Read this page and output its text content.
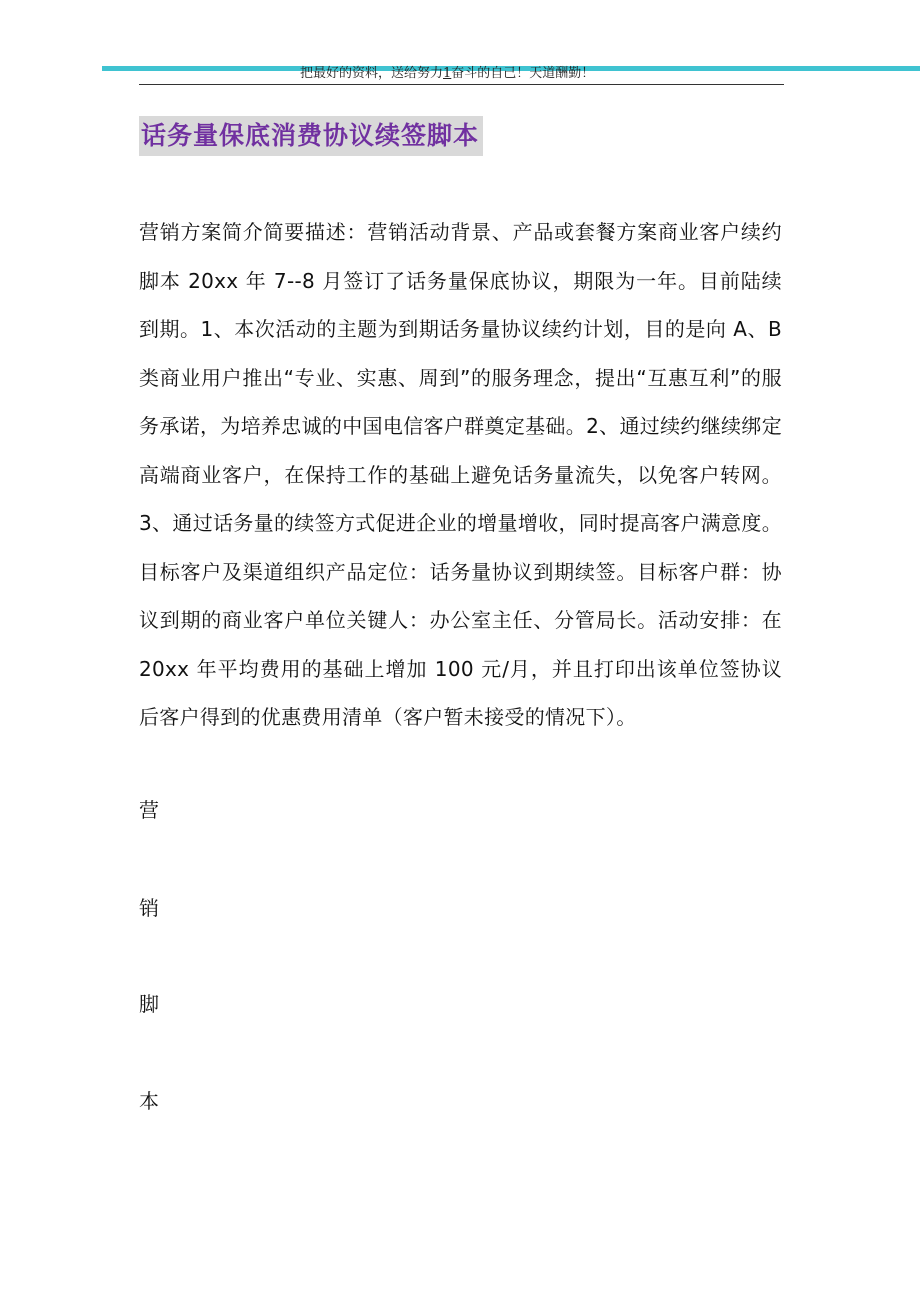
把最好的资料，送给努力1奋斗的自己！天道酬勤！
话务量保底消费协议续签脚本

营销方案简介简要描述：营销活动背景、产品或套餐方案商业客户续约脚本 20xx 年 7--8 月签订了话务量保底协议，期限为一年。目前陆续到期。1、本次活动的主题为到期话务量协议续约计划，目的是向 A、B 类商业用户推出“专业、实惠、周到”的服务理念，提出“互惠互利”的服务承诺，为培养忠诚的中国电信客户群奠定基础。2、通过续约继续绑定高端商业客户，在保持工作的基础上避免话务量流失，以免客户转网。3、通过话务量的续签方式促进企业的增量增收，同时提高客户满意度。目标客户及渠道组织产品定位：话务量协议到期续签。目标客户群：协议到期的商业客户单位关键人：办公室主任、分管局长。活动安排：在 20xx 年平均费用的基础上增加 100 元/月，并且打印出该单位签协议后客户得到的优惠费用清单（客户暂未接受的情况下）。

营
销
脚
本
